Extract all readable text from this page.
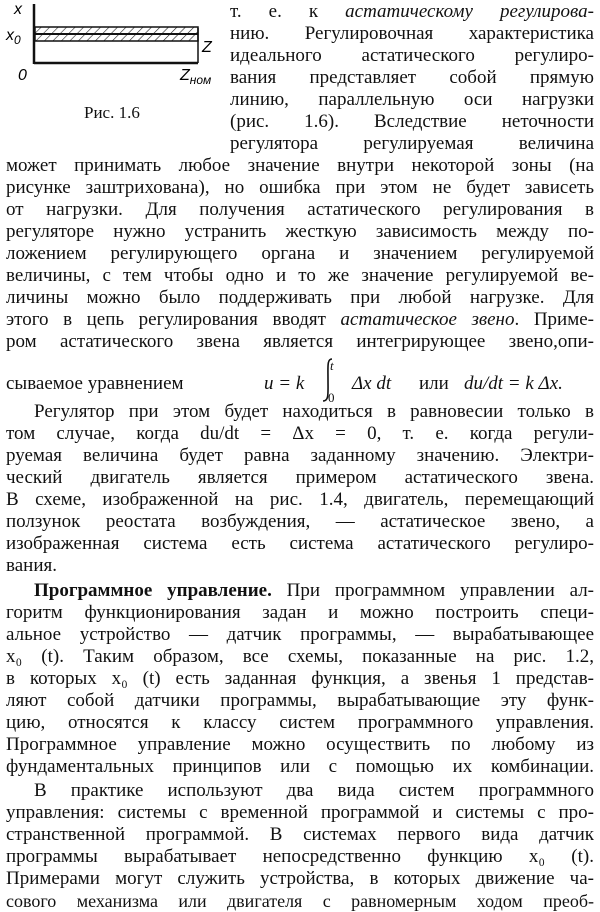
x
$x_0$	Z
0	$Z_{ном}$
Рис. 1.6
т. е. к астатическому регулирова-
нию. Регулировочная характеристика
идеального астатического регулиро-
вания представляет собой прямую
линию, параллельную оси нагрузки
(рис. 1.6). Вследствие неточности
регулятора регулируемая величина
может принимать любое значение внутри некоторой зоны (на
рисунке заштрихована), но ошибка при этом не будет зависеть
от нагрузки. Для получения астатического регулирования в
регуляторе нужно устранить жесткую зависимость между по-
ложением регулирующего органа и значением регулируемой
величины, с тем чтобы одно и то же значение регулируемой ве-
личины можно было поддерживать при любой нагрузке. Для
этого в цепь регулирования вводят астатическое звено. Приме-
ром астатического звена является интегрирующее звено,опи-
сываемое уравнением	u = k
t
0
Δx dt или du/dt = k Δx.
Регулятор при этом будет находиться в равновесии только в
том случае, когда du/dt = Δx = 0, т. е. когда регули-
руемая величина будет равна заданному значению. Электри-
ческий двигатель является примером астатического звена.
В схеме, изображенной на рис. 1.4, двигатель, перемещающий
ползунок реостата возбуждения, — астатическое звено, а
изображенная система есть система астатического регулиро-
вания.
Программное управление. При программном управлении ал-
горитм функционирования задан и можно построить специ-
альное устройство — датчик программы, — вырабатывающее
x₀ (t). Таким образом, все схемы, показанные на рис. 1.2,
в которых x₀ (t) есть заданная функция, а звенья 1 представ-
ляют собой датчики программы, вырабатывающие эту функ-
цию, относятся к классу систем программного управления.
Программное управление можно осуществить по любому из
фундаментальных принципов или с помощью их комбинации.
В практике используют два вида систем программного
управления: системы с временной программой и системы с про-
странственной программой. В системах первого вида датчик
программы вырабатывает непосредственно функцию x₀ (t).
Примерами могут служить устройства, в которых движение ча-
сового механизма или двигателя с равномерным ходом преоб-
